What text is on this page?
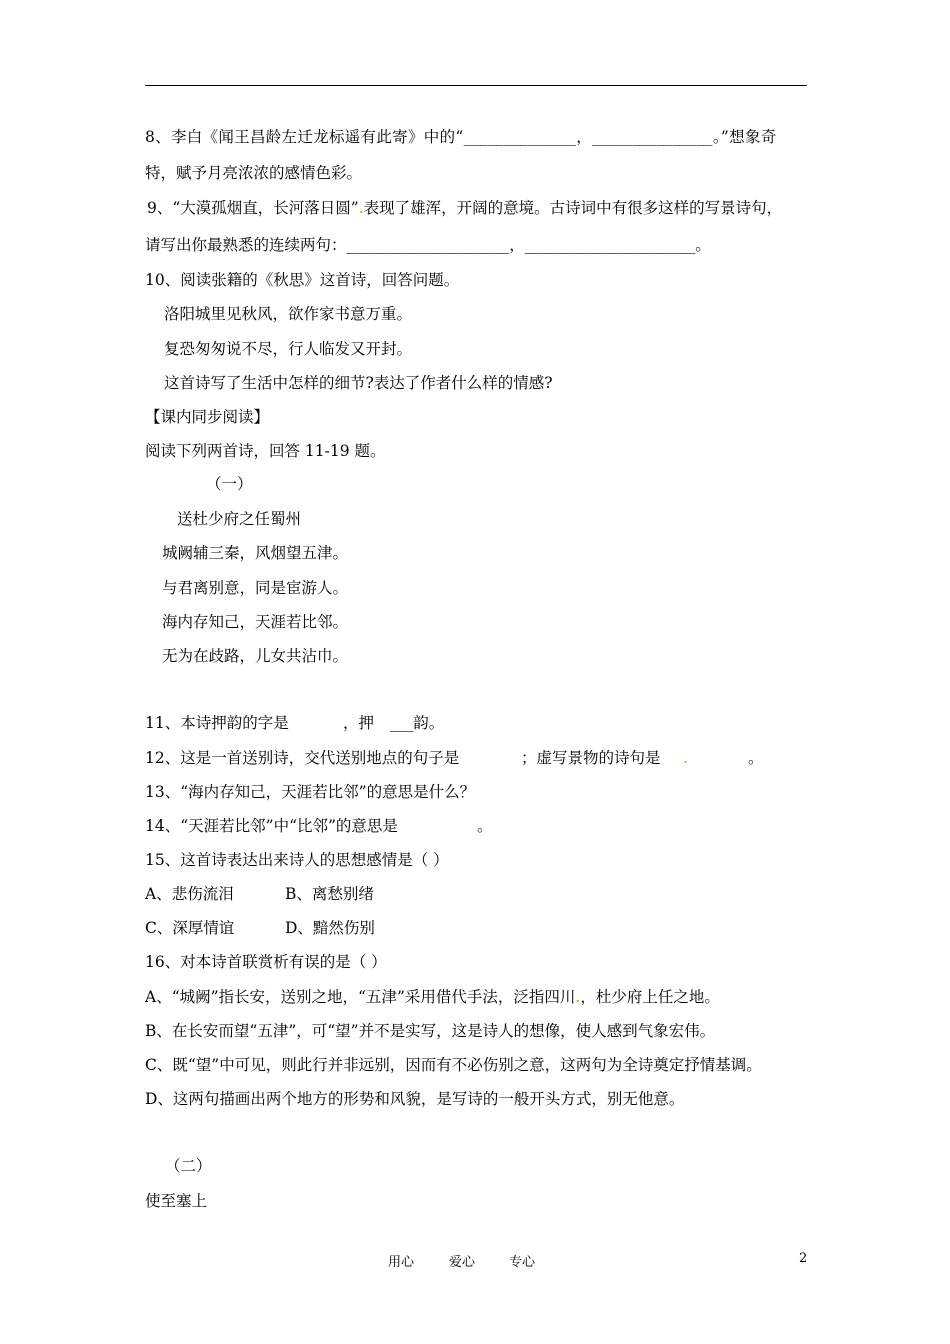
8、李白《闻王昌龄左迁龙标遥有此寄》中的“______________，_______________。”想象奇
特，赋予月亮浓浓的感情色彩。
9、“大漠孤烟直，长河落日圆”.表现了雄浑，开阔的意境。古诗词中有很多这样的写景诗句，
请写出你最熟悉的连续两句：_____________________，______________________。
10、阅读张籍的《秋思》这首诗，回答问题。
洛阳城里见秋风，欲作家书意万重。
复恐匆匆说不尽，行人临发又开封。
这首诗写了生活中怎样的细节?表达了作者什么样的情感?
【课内同步阅读】
阅读下列两首诗，回答 11-19 题。
（一）
送杜少府之任蜀州
城阙辅三秦，风烟望五津。
与君离别意，同是宦游人。
海内存知己，天涯若比邻。
无为在歧路，儿女共沾巾。
11、本诗押韵的字是	，押 ___韵。
12、这是一首送别诗，交代送别地点的句子是	；虚写景物的诗句是 .	。
13、“海内存知己，天涯若比邻”的意思是什么？
14、“天涯若比邻”中“比邻”的意思是	。
15、这首诗表达出来诗人的思想感情是（ ）
A、悲伤流泪	B、离愁别绪
C、深厚情谊	D、黯然伤别
16、对本诗首联赏析有误的是（ ）
A、“城阙”指长安，送别之地，“五津”采用借代手法，泛指四川.，杜少府上任之地。
B、在长安而望“五津”，可“望”并不是实写，这是诗人的想像，使人感到气象宏伟。
C、既“望”中可见，则此行并非远别，因而有不必伤别之意，这两句为全诗奠定抒情基调。
D、这两句描画出两个地方的形势和风貌，是写诗的一般开头方式，别无他意。
（二）
使至塞上
用心	爱心	专心	2
